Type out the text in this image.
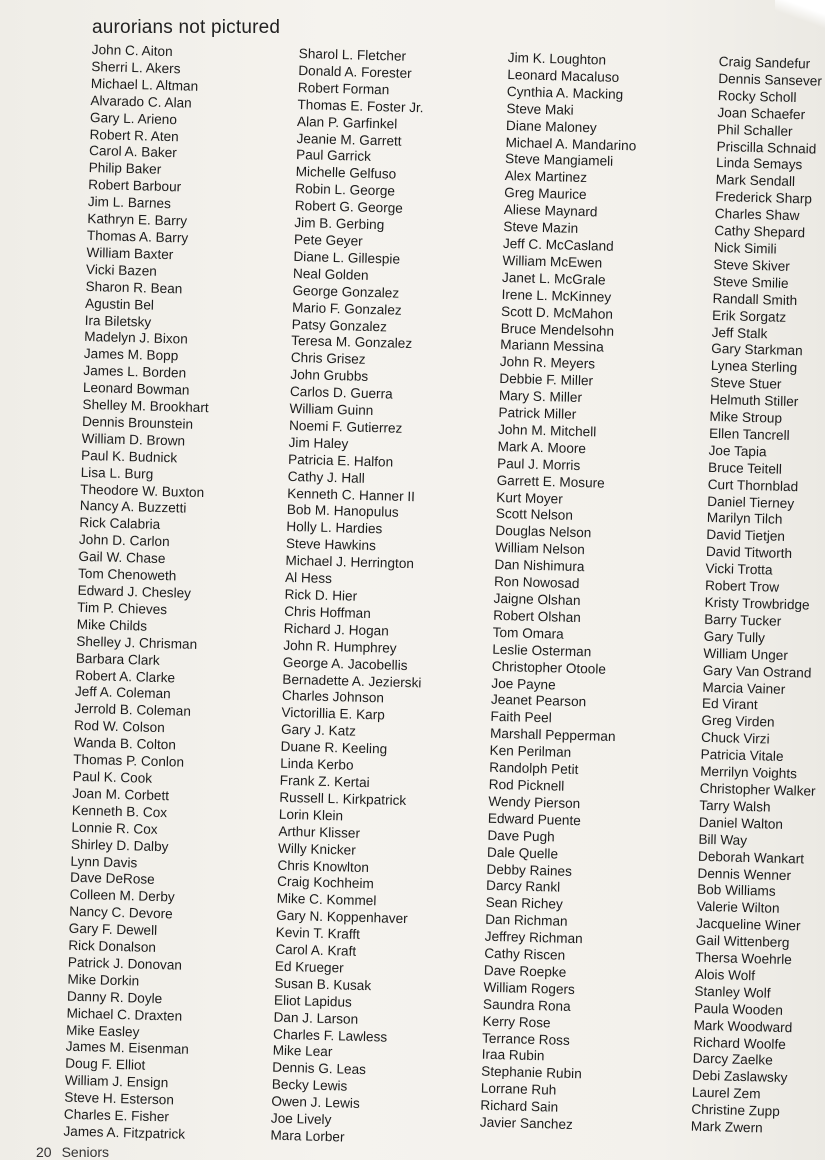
aurorians not pictured
John C. Aiton
Sherri L. Akers
Michael L. Altman
Alvarado C. Alan
Gary L. Arieno
Robert R. Aten
Carol A. Baker
Philip Baker
Robert Barbour
Jim L. Barnes
Kathryn E. Barry
Thomas A. Barry
William Baxter
Vicki Bazen
Sharon R. Bean
Agustin Bel
Ira Biletsky
Madelyn J. Bixon
James M. Bopp
James L. Borden
Leonard Bowman
Shelley M. Brookhart
Dennis Brounstein
William D. Brown
Paul K. Budnick
Lisa L. Burg
Theodore W. Buxton
Nancy A. Buzzetti
Rick Calabria
John D. Carlon
Gail W. Chase
Tom Chenoweth
Edward J. Chesley
Tim P. Chieves
Mike Childs
Shelley J. Chrisman
Barbara Clark
Robert A. Clarke
Jeff A. Coleman
Jerrold B. Coleman
Rod W. Colson
Wanda B. Colton
Thomas P. Conlon
Paul K. Cook
Joan M. Corbett
Kenneth B. Cox
Lonnie R. Cox
Shirley D. Dalby
Lynn Davis
Dave DeRose
Colleen M. Derby
Nancy C. Devore
Gary F. Dewell
Rick Donalson
Patrick J. Donovan
Mike Dorkin
Danny R. Doyle
Michael C. Draxten
Mike Easley
James M. Eisenman
Doug F. Elliot
William J. Ensign
Steve H. Esterson
Charles E. Fisher
James A. Fitzpatrick
Sharol L. Fletcher
Donald A. Forester
Robert Forman
Thomas E. Foster Jr.
Alan P. Garfinkel
Jeanie M. Garrett
Paul Garrick
Michelle Gelfuso
Robin L. George
Robert G. George
Jim B. Gerbing
Pete Geyer
Diane L. Gillespie
Neal Golden
George Gonzalez
Mario F. Gonzalez
Patsy Gonzalez
Teresa M. Gonzalez
Chris Grisez
John Grubbs
Carlos D. Guerra
William Guinn
Noemi F. Gutierrez
Jim Haley
Patricia E. Halfon
Cathy J. Hall
Kenneth C. Hanner II
Bob M. Hanopulus
Holly L. Hardies
Steve Hawkins
Michael J. Herrington
Al Hess
Rick D. Hier
Chris Hoffman
Richard J. Hogan
John R. Humphrey
George A. Jacobellis
Bernadette A. Jezierski
Charles Johnson
Victorillia E. Karp
Gary J. Katz
Duane R. Keeling
Linda Kerbo
Frank Z. Kertai
Russell L. Kirkpatrick
Lorin Klein
Arthur Klisser
Willy Knicker
Chris Knowlton
Craig Kochheim
Mike C. Kommel
Gary N. Koppenhaver
Kevin T. Krafft
Carol A. Kraft
Ed Krueger
Susan B. Kusak
Eliot Lapidus
Dan J. Larson
Charles F. Lawless
Mike Lear
Dennis G. Leas
Becky Lewis
Owen J. Lewis
Joe Lively
Mara Lorber
Jim K. Loughton
Leonard Macaluso
Cynthia A. Macking
Steve Maki
Diane Maloney
Michael A. Mandarino
Steve Mangiameli
Alex Martinez
Greg Maurice
Aliese Maynard
Steve Mazin
Jeff C. McCasland
William McEwen
Janet L. McGrale
Irene L. McKinney
Scott D. McMahon
Bruce Mendelsohn
Mariann Messina
John R. Meyers
Debbie F. Miller
Mary S. Miller
Patrick Miller
John M. Mitchell
Mark A. Moore
Paul J. Morris
Garrett E. Mosure
Kurt Moyer
Scott Nelson
Douglas Nelson
William Nelson
Dan Nishimura
Ron Nowosad
Jaigne Olshan
Robert Olshan
Tom Omara
Leslie Osterman
Christopher Otoole
Joe Payne
Jeanet Pearson
Faith Peel
Marshall Pepperman
Ken Perilman
Randolph Petit
Rod Picknell
Wendy Pierson
Edward Puente
Dave Pugh
Dale Quelle
Debby Raines
Darcy Rankl
Sean Richey
Dan Richman
Jeffrey Richman
Cathy Riscen
Dave Roepke
William Rogers
Saundra Rona
Kerry Rose
Terrance Ross
Iraa Rubin
Stephanie Rubin
Lorrane Ruh
Richard Sain
Javier Sanchez
Craig Sandefur
Dennis Sansever
Rocky Scholl
Joan Schaefer
Phil Schaller
Priscilla Schnaid
Linda Semays
Mark Sendall
Frederick Sharp
Charles Shaw
Cathy Shepard
Nick Simili
Steve Skiver
Steve Smilie
Randall Smith
Erik Sorgatz
Jeff Stalk
Gary Starkman
Lynea Sterling
Steve Stuer
Helmuth Stiller
Mike Stroup
Ellen Tancrell
Joe Tapia
Bruce Teitell
Curt Thornblad
Daniel Tierney
Marilyn Tilch
David Tietjen
David Titworth
Vicki Trotta
Robert Trow
Kristy Trowbridge
Barry Tucker
Gary Tully
William Unger
Gary Van Ostrand
Marcia Vainer
Ed Virant
Greg Virden
Chuck Virzi
Patricia Vitale
Merrilyn Voights
Christopher Walker
Tarry Walsh
Daniel Walton
Bill Way
Deborah Wankart
Dennis Wenner
Bob Williams
Valerie Wilton
Jacqueline Winer
Gail Wittenberg
Thersa Woehrle
Alois Wolf
Stanley Wolf
Paula Wooden
Mark Woodward
Richard Woolfe
Darcy Zaelke
Debi Zaslawsky
Laurel Zem
Christine Zupp
Mark Zwern
20 Seniors
